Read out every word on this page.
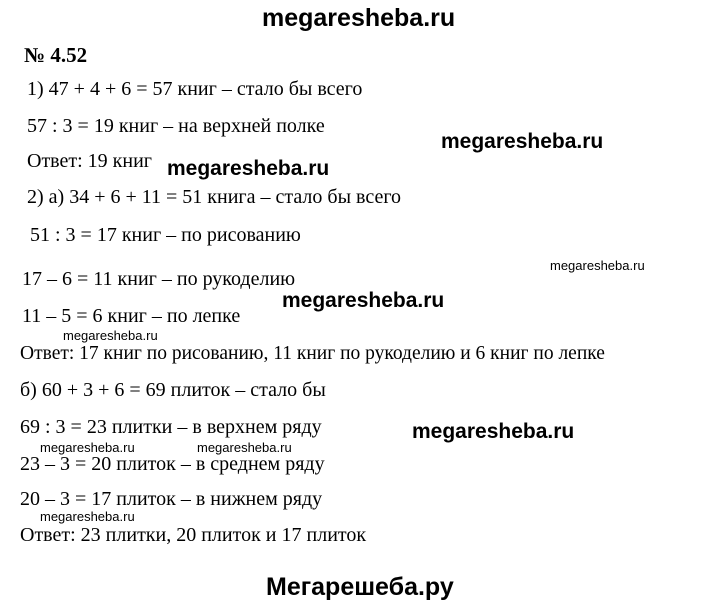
megaresheba.ru
№ 4.52
1) 47 + 4 + 6 = 57 книг – стало бы всего
57 : 3 = 19 книг – на верхней полке
Ответ: 19 книг
2) а) 34 + 6 + 11 = 51 книга – стало бы всего
51 : 3 = 17 книг – по рисованию
17 – 6 = 11 книг – по рукоделию
11 – 5 = 6 книг – по лепке
Ответ: 17 книг по рисованию, 11 книг по рукоделию и 6 книг по лепке
б) 60 + 3 + 6 = 69 плиток – стало бы
69 : 3 = 23 плитки – в верхнем ряду
23 – 3 = 20 плиток – в среднем ряду
20 – 3 = 17 плиток – в нижнем ряду
Ответ: 23 плитки, 20 плиток и 17 плиток
megaresheba.ru
megaresheba.ru
megaresheba.ru
megaresheba.ru
megaresheba.ru
megaresheba.ru
megaresheba.ru	megaresheba.ru
megaresheba.ru
Мегарешеба.ру
